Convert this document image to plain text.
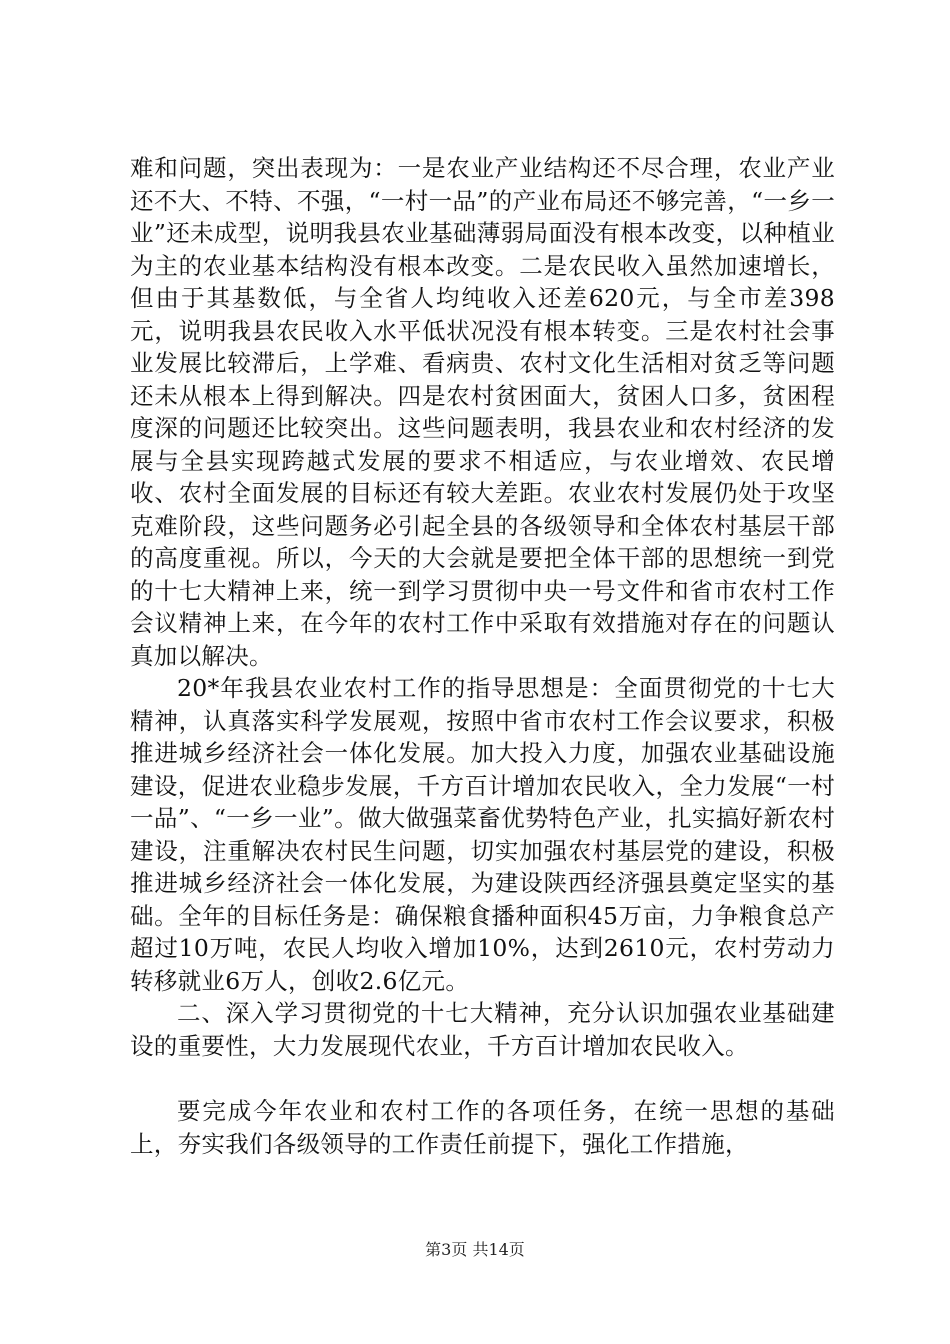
难和问题，突出表现为：一是农业产业结构还不尽合理，农业产业还不大、不特、不强，“一村一品”的产业布局还不够完善，“一乡一业”还未成型，说明我县农业基础薄弱局面没有根本改变，以种植业为主的农业基本结构没有根本改变。二是农民收入虽然加速增长，但由于其基数低，与全省人均纯收入还差620元，与全市差398元，说明我县农民收入水平低状况没有根本转变。三是农村社会事业发展比较滞后，上学难、看病贵、农村文化生活相对贫乏等问题还未从根本上得到解决。四是农村贫困面大，贫困人口多，贫困程度深的问题还比较突出。这些问题表明，我县农业和农村经济的发展与全县实现跨越式发展的要求不相适应，与农业增效、农民增收、农村全面发展的目标还有较大差距。农业农村发展仍处于攻坚克难阶段，这些问题务必引起全县的各级领导和全体农村基层干部的高度重视。所以，今天的大会就是要把全体干部的思想统一到党的十七大精神上来，统一到学习贯彻中央一号文件和省市农村工作会议精神上来，在今年的农村工作中采取有效措施对存在的问题认真加以解决。

20*年我县农业农村工作的指导思想是：全面贯彻党的十七大精神，认真落实科学发展观，按照中省市农村工作会议要求，积极推进城乡经济社会一体化发展。加大投入力度，加强农业基础设施建设，促进农业稳步发展，千方百计增加农民收入，全力发展“一村一品”、“一乡一业”。做大做强菜畜优势特色产业，扎实搞好新农村建设，注重解决农村民生问题，切实加强农村基层党的建设，积极推进城乡经济社会一体化发展，为建设陕西经济强县奠定坚实的基础。全年的目标任务是：确保粮食播种面积45万亩，力争粮食总产超过10万吨，农民人均收入增加10%，达到2610元，农村劳动力转移就业6万人，创收2.6亿元。

二、深入学习贯彻党的十七大精神，充分认识加强农业基础建设的重要性，大力发展现代农业，千方百计增加农民收入。

要完成今年农业和农村工作的各项任务，在统一思想的基础上，夯实我们各级领导的工作责任前提下，强化工作措施，

第3页 共14页
